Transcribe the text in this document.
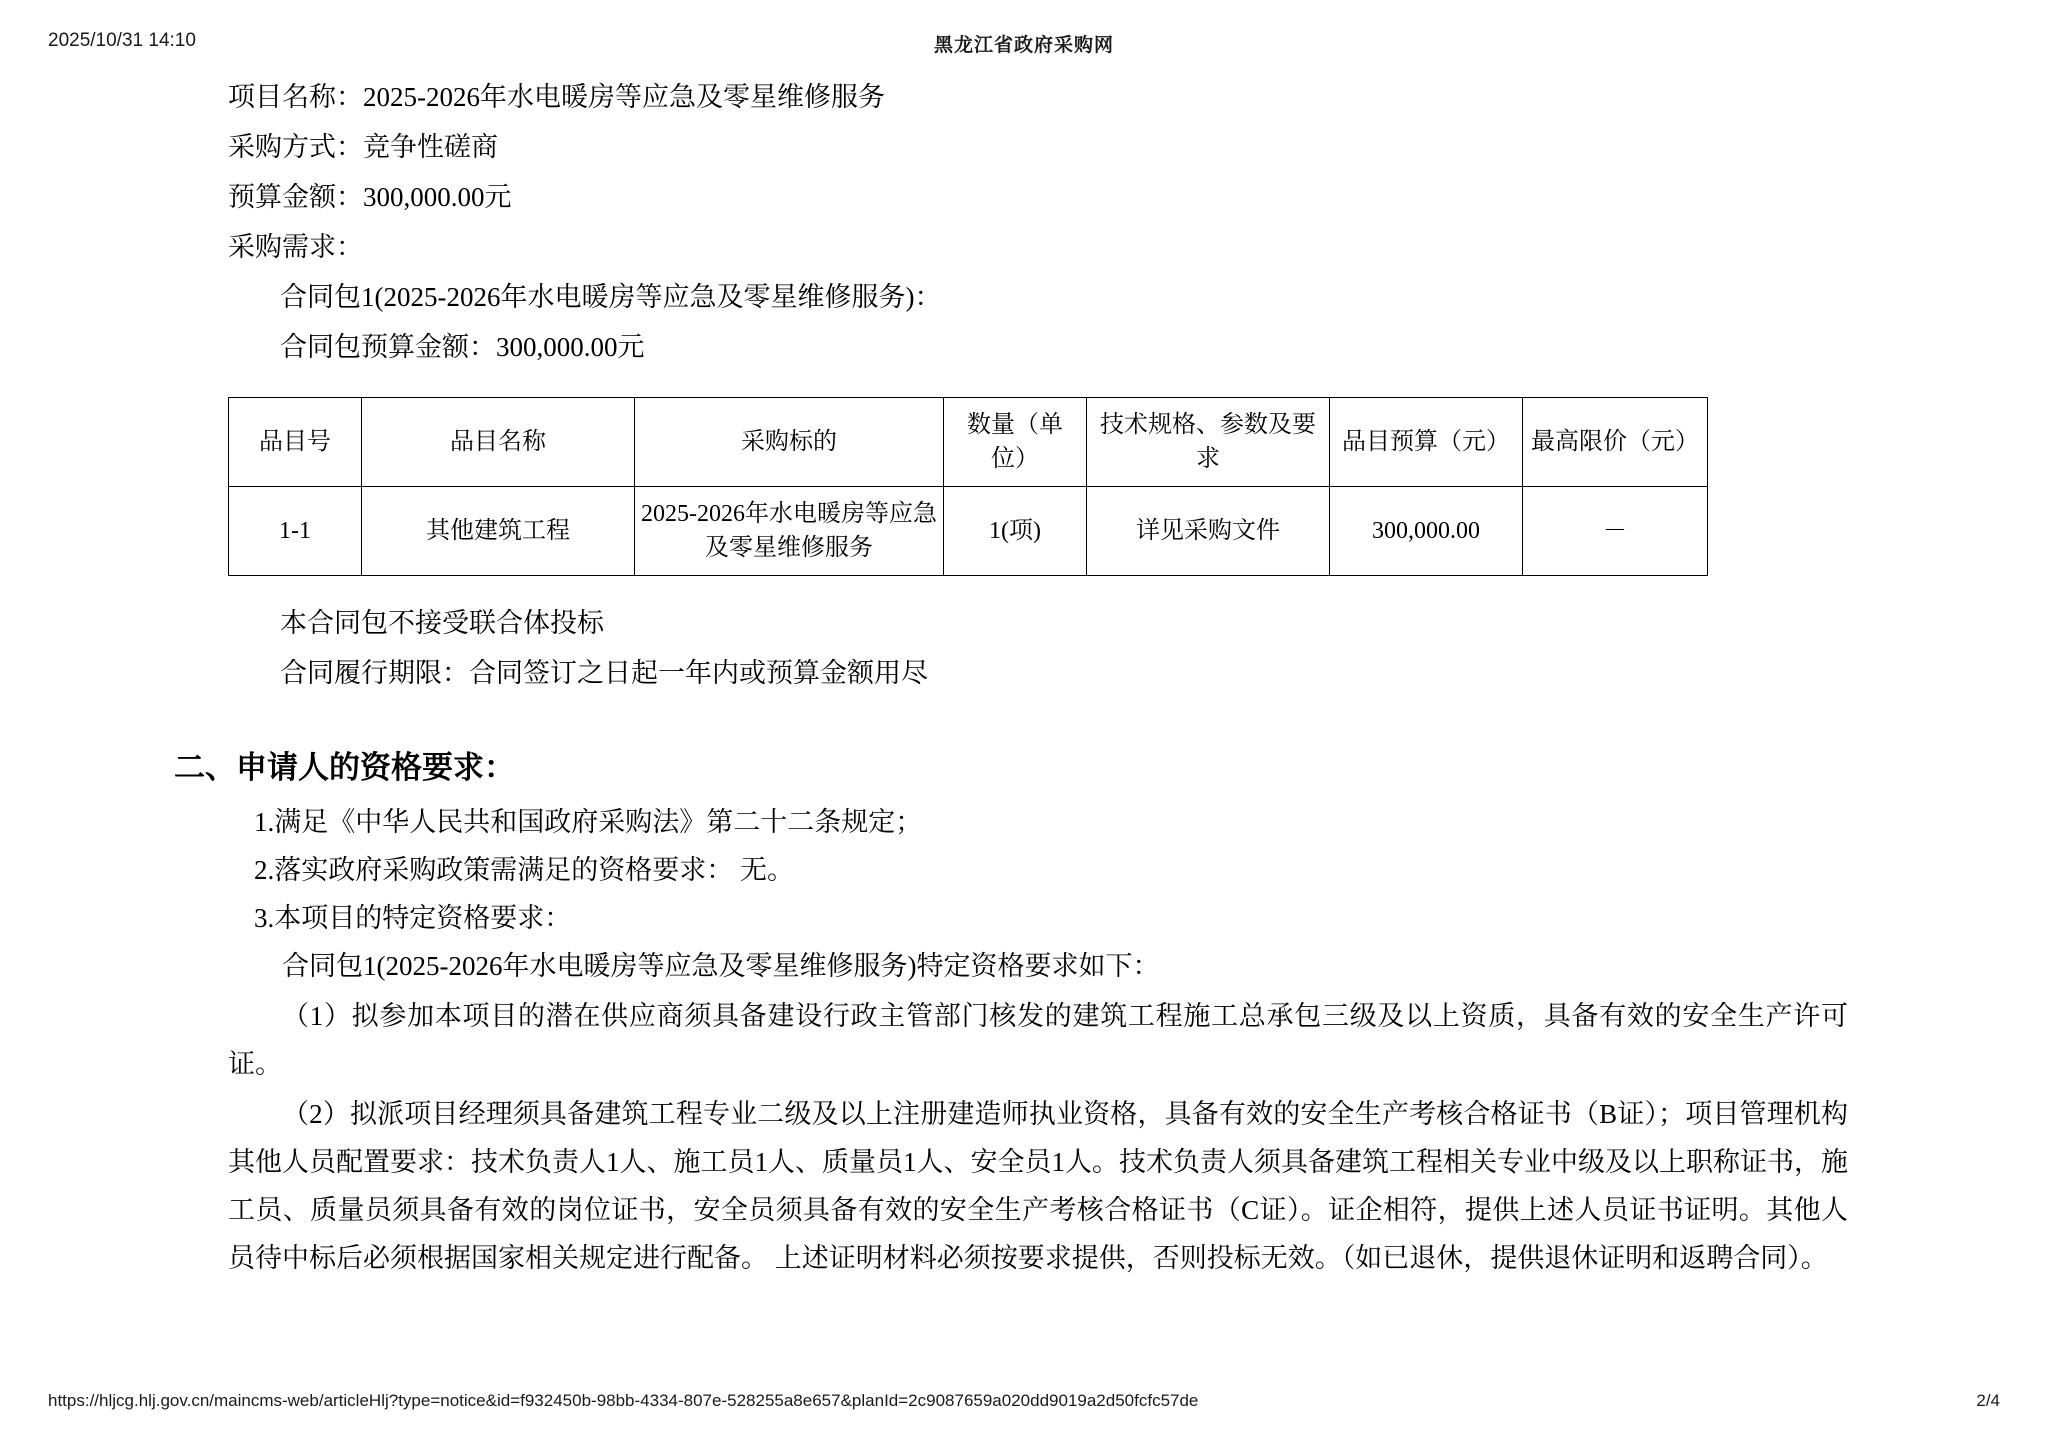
2025/10/31 14:10	黑龙江省政府采购网
项目名称：2025-2026年水电暖房等应急及零星维修服务
采购方式：竞争性磋商
预算金额：300,000.00元
采购需求：
合同包1(2025-2026年水电暖房等应急及零星维修服务)：
合同包预算金额：300,000.00元
品目号	品目名称	采购标的	数量（单位）	技术规格、参数及要求	品目预算（元）	最高限价（元）
1-1	其他建筑工程	2025-2026年水电暖房等应急及零星维修服务	1(项)	详见采购文件	300,000.00	－
本合同包不接受联合体投标
合同履行期限：合同签订之日起一年内或预算金额用尽
二、申请人的资格要求：
1.满足《中华人民共和国政府采购法》第二十二条规定；
2.落实政府采购政策需满足的资格要求： 无。
3.本项目的特定资格要求：
合同包1(2025-2026年水电暖房等应急及零星维修服务)特定资格要求如下：
（1）拟参加本项目的潜在供应商须具备建设行政主管部门核发的建筑工程施工总承包三级及以上资质，具备有效的安全生产许可证。
（2）拟派项目经理须具备建筑工程专业二级及以上注册建造师执业资格，具备有效的安全生产考核合格证书（B证）；项目管理机构其他人员配置要求：技术负责人1人、施工员1人、质量员1人、安全员1人。技术负责人须具备建筑工程相关专业中级及以上职称证书，施工员、质量员须具备有效的岗位证书，安全员须具备有效的安全生产考核合格证书（C证）。证企相符，提供上述人员证书证明。其他人员待中标后必须根据国家相关规定进行配备。 上述证明材料必须按要求提供，否则投标无效。（如已退休，提供退休证明和返聘合同）。
https://hljcg.hlj.gov.cn/maincms-web/articleHlj?type=notice&id=f932450b-98bb-4334-807e-528255a8e657&planId=2c9087659a020dd9019a2d50fcfc57de	2/4
